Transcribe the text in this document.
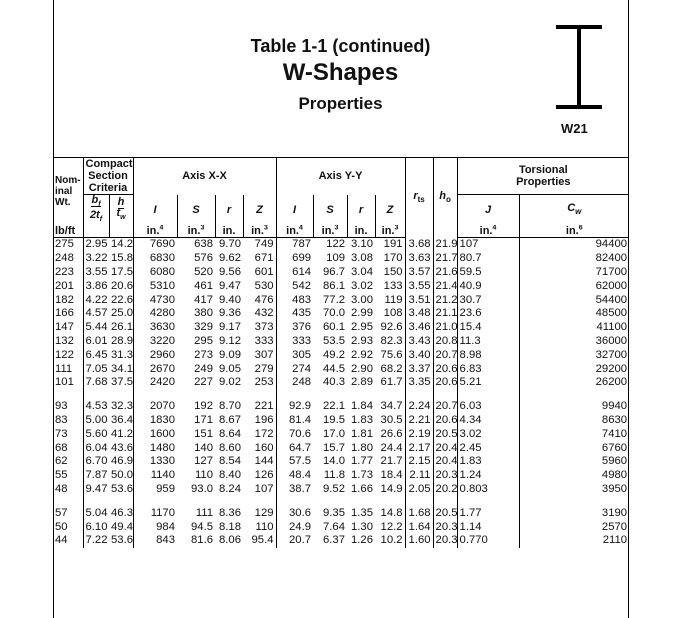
Table 1-1 (continued)
W-Shapes
Properties
W21
Nom-
inal
Wt.	Compact
Section
Criteria		Axis X-X				Axis Y-Y				$r_{ts}$	$h_o$	Torsional
Properties	
	$b_f$
$2t_f$	h
$t_w$	I	S	r	Z	I	S	r	Z			J	$C_w$
lb/ft			in.$^4$	in.$^3$	in.	in.$^3$	in.$^4$	in.$^3$	in.	in.$^3$			in.$^4$	in.$^6$
275	2.95	14.2	7690	638	9.70	749	787	122	3.10	191	3.68	21.9	107	94400
248	3.22	15.8	6830	576	9.62	671	699	109	3.08	170	3.63	21.7	80.7	82400
223	3.55	17.5	6080	520	9.56	601	614	96.7	3.04	150	3.57	21.6	59.5	71700
201	3.86	20.6	5310	461	9.47	530	542	86.1	3.02	133	3.55	21.4	40.9	62000
182	4.22	22.6	4730	417	9.40	476	483	77.2	3.00	119	3.51	21.2	30.7	54400
166	4.57	25.0	4280	380	9.36	432	435	70.0	2.99	108	3.48	21.1	23.6	48500
147	5.44	26.1	3630	329	9.17	373	376	60.1	2.95	92.6	3.46	21.0	15.4	41100
132	6.01	28.9	3220	295	9.12	333	333	53.5	2.93	82.3	3.43	20.8	11.3	36000
122	6.45	31.3	2960	273	9.09	307	305	49.2	2.92	75.6	3.40	20.7	8.98	32700
111	7.05	34.1	2670	249	9.05	279	274	44.5	2.90	68.2	3.37	20.6	6.83	29200
101	7.68	37.5	2420	227	9.02	253	248	40.3	2.89	61.7	3.35	20.6	5.21	26200

93	4.53	32.3	2070	192	8.70	221	92.9	22.1	1.84	34.7	2.24	20.7	6.03	9940
83	5.00	36.4	1830	171	8.67	196	81.4	19.5	1.83	30.5	2.21	20.6	4.34	8630
73	5.60	41.2	1600	151	8.64	172	70.6	17.0	1.81	26.6	2.19	20.5	3.02	7410
68	6.04	43.6	1480	140	8.60	160	64.7	15.7	1.80	24.4	2.17	20.4	2.45	6760
62	6.70	46.9	1330	127	8.54	144	57.5	14.0	1.77	21.7	2.15	20.4	1.83	5960
55	7.87	50.0	1140	110	8.40	126	48.4	11.8	1.73	18.4	2.11	20.3	1.24	4980
48	9.47	53.6	959	93.0	8.24	107	38.7	9.52	1.66	14.9	2.05	20.2	0.803	3950

57	5.04	46.3	1170	111	8.36	129	30.6	9.35	1.35	14.8	1.68	20.5	1.77	3190
50	6.10	49.4	984	94.5	8.18	110	24.9	7.64	1.30	12.2	1.64	20.3	1.14	2570
44	7.22	53.6	843	81.6	8.06	95.4	20.7	6.37	1.26	10.2	1.60	20.3	0.770	2110
